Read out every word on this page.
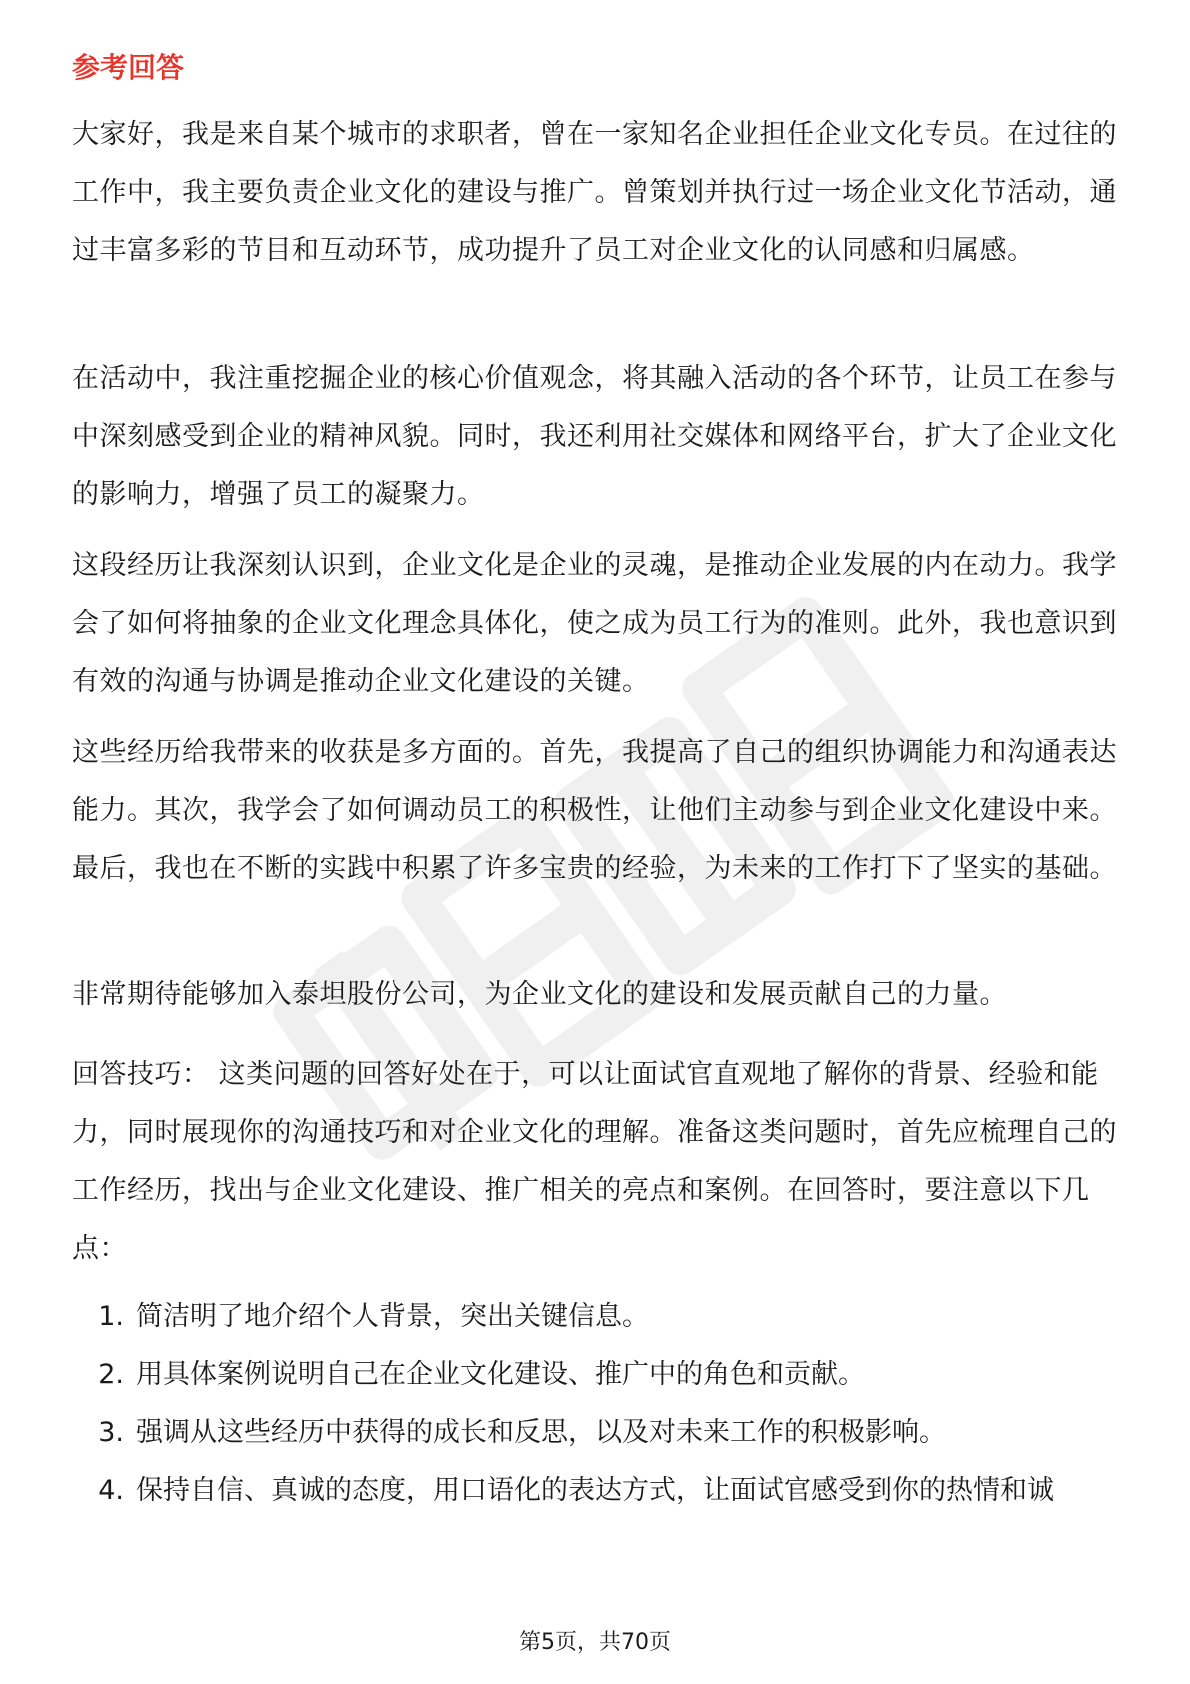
参考回答

大家好，我是来自某个城市的求职者，曾在一家知名企业担任企业文化专员。在过往的工作中，我主要负责企业文化的建设与推广。曾策划并执行过一场企业文化节活动，通过丰富多彩的节目和互动环节，成功提升了员工对企业文化的认同感和归属感。

在活动中，我注重挖掘企业的核心价值观念，将其融入活动的各个环节，让员工在参与中深刻感受到企业的精神风貌。同时，我还利用社交媒体和网络平台，扩大了企业文化的影响力，增强了员工的凝聚力。

这段经历让我深刻认识到，企业文化是企业的灵魂，是推动企业发展的内在动力。我学会了如何将抽象的企业文化理念具体化，使之成为员工行为的准则。此外，我也意识到有效的沟通与协调是推动企业文化建设的关键。

这些经历给我带来的收获是多方面的。首先，我提高了自己的组织协调能力和沟通表达能力。其次，我学会了如何调动员工的积极性，让他们主动参与到企业文化建设中来。最后，我也在不断的实践中积累了许多宝贵的经验，为未来的工作打下了坚实的基础。

非常期待能够加入泰坦股份公司，为企业文化的建设和发展贡献自己的力量。

回答技巧： 这类问题的回答好处在于，可以让面试官直观地了解你的背景、经验和能力，同时展现你的沟通技巧和对企业文化的理解。准备这类问题时，首先应梳理自己的工作经历，找出与企业文化建设、推广相关的亮点和案例。在回答时，要注意以下几点：

1. 简洁明了地介绍个人背景，突出关键信息。
2. 用具体案例说明自己在企业文化建设、推广中的角色和贡献。
3. 强调从这些经历中获得的成长和反思，以及对未来工作的积极影响。
4. 保持自信、真诚的态度，用口语化的表达方式，让面试官感受到你的热情和诚
第5页，共70页
